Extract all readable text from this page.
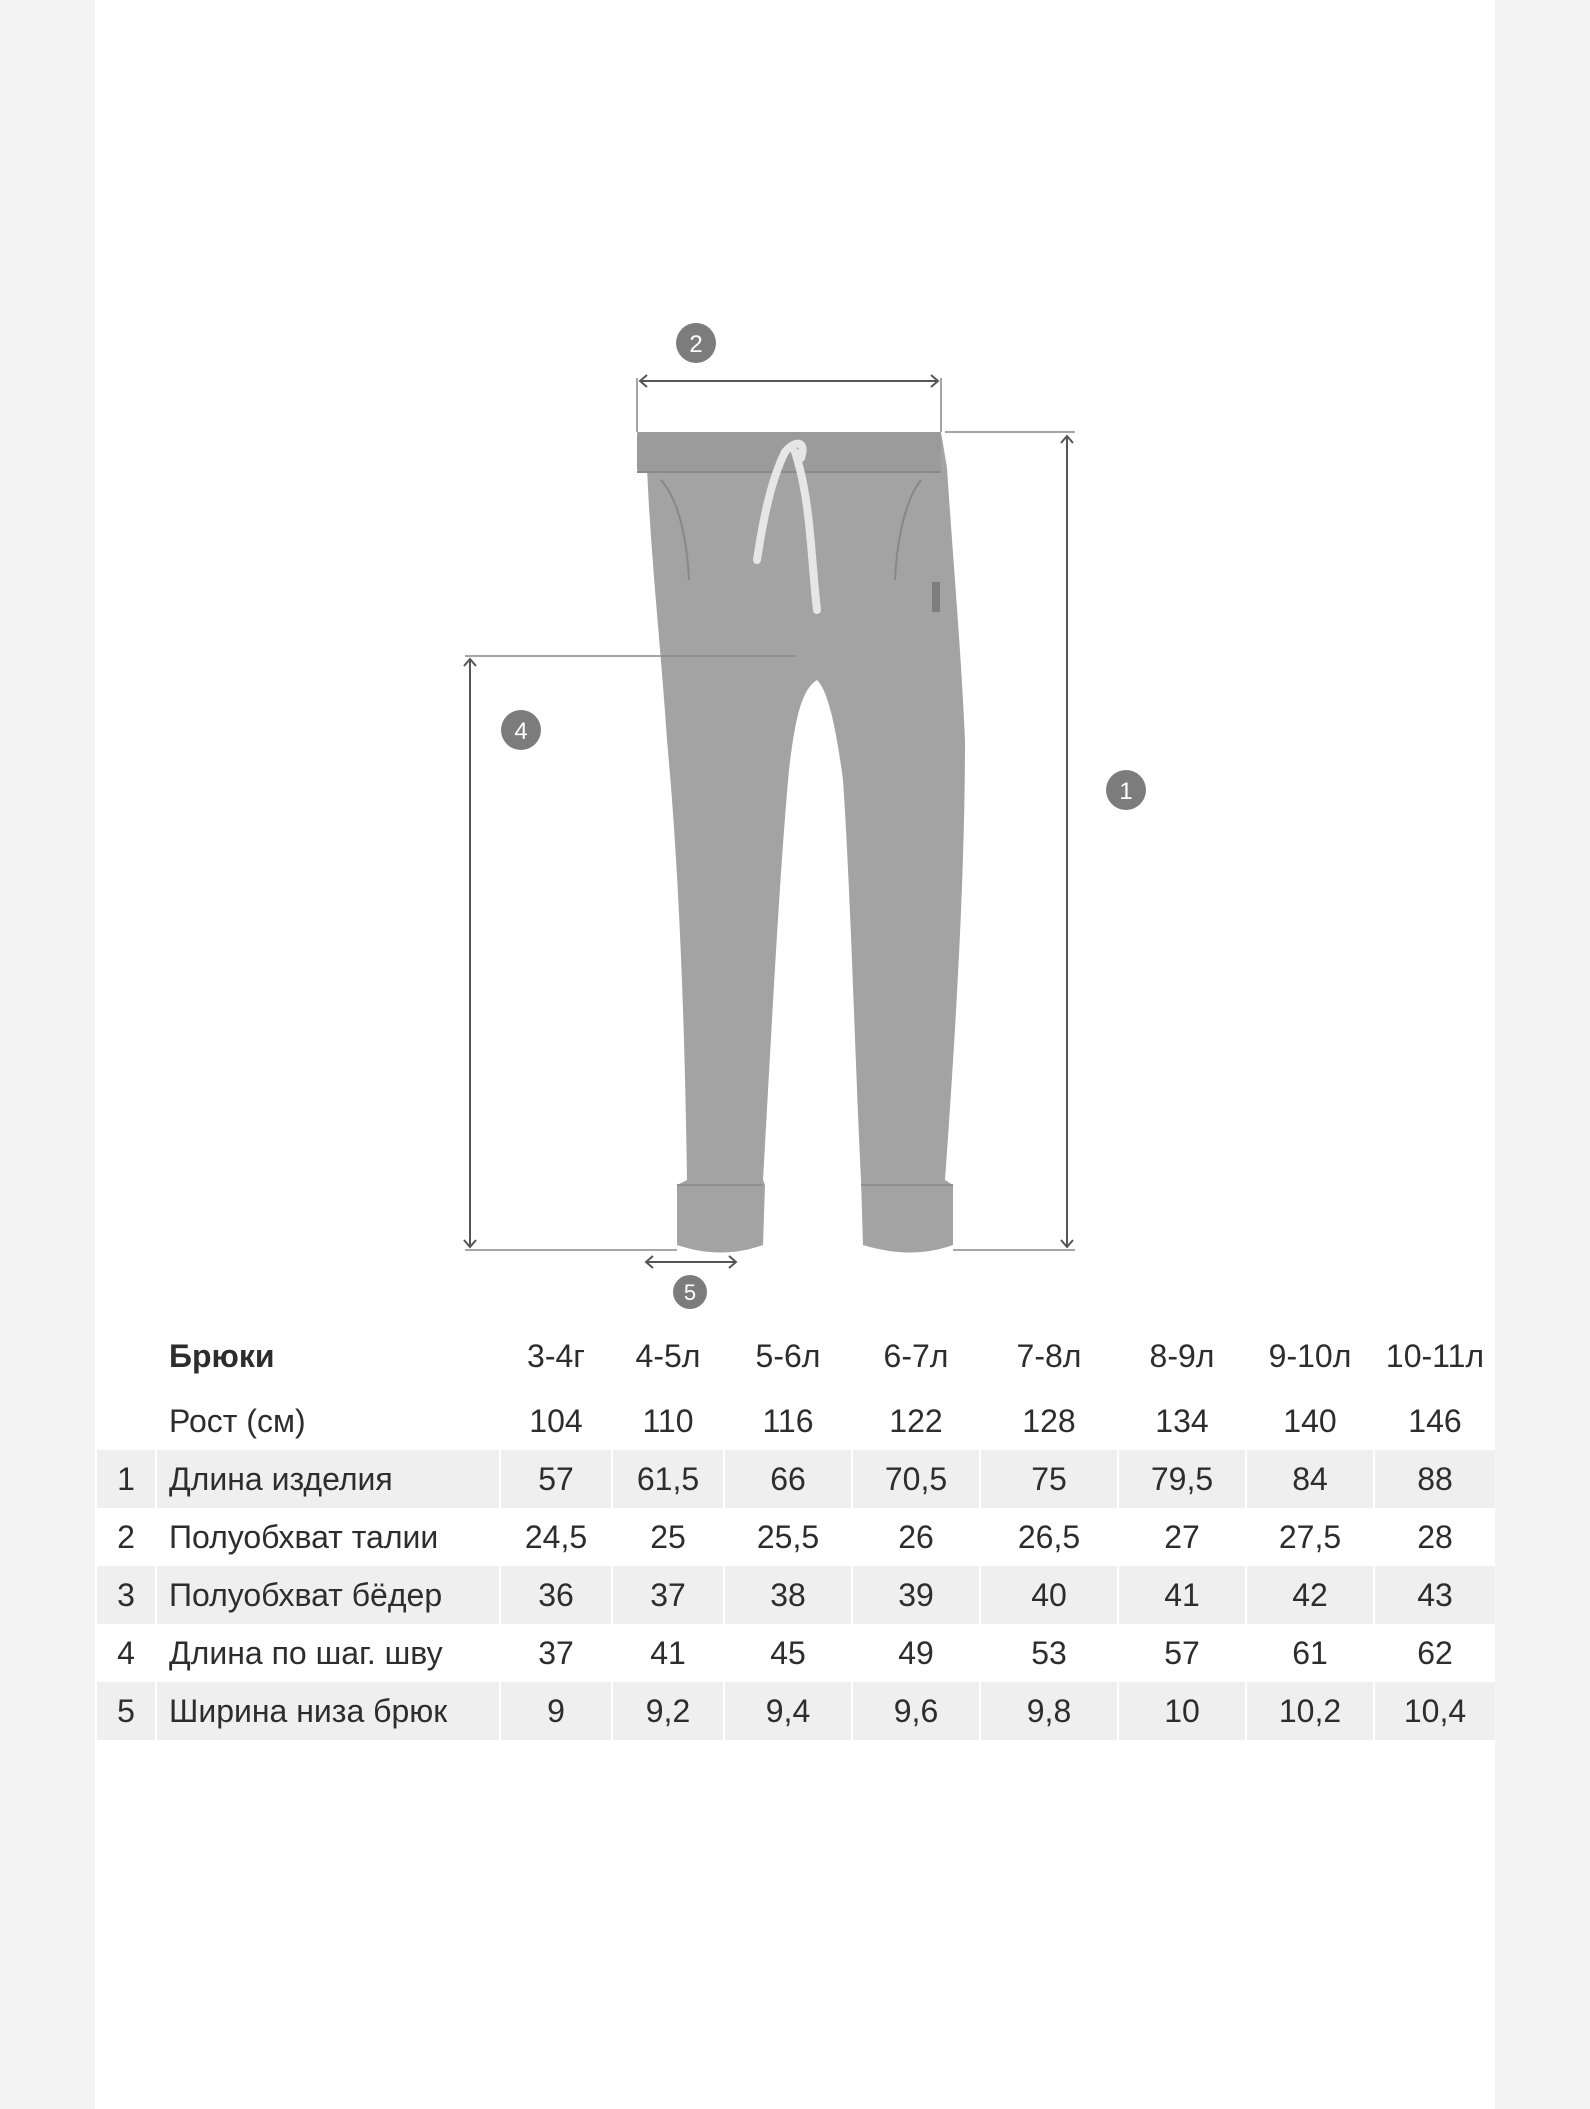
2
1
4
5
	Брюки	3-4г	4-5л	5-6л	6-7л	7-8л	8-9л	9-10л	10-11л
	Рост (см)	104	110	116	122	128	134	140	146
1	Длина изделия	57	61,5	66	70,5	75	79,5	84	88
2	Полуобхват талии	24,5	25	25,5	26	26,5	27	27,5	28
3	Полуобхват бёдер	36	37	38	39	40	41	42	43
4	Длина по шаг. шву	37	41	45	49	53	57	61	62
5	Ширина низа брюк	9	9,2	9,4	9,6	9,8	10	10,2	10,4
